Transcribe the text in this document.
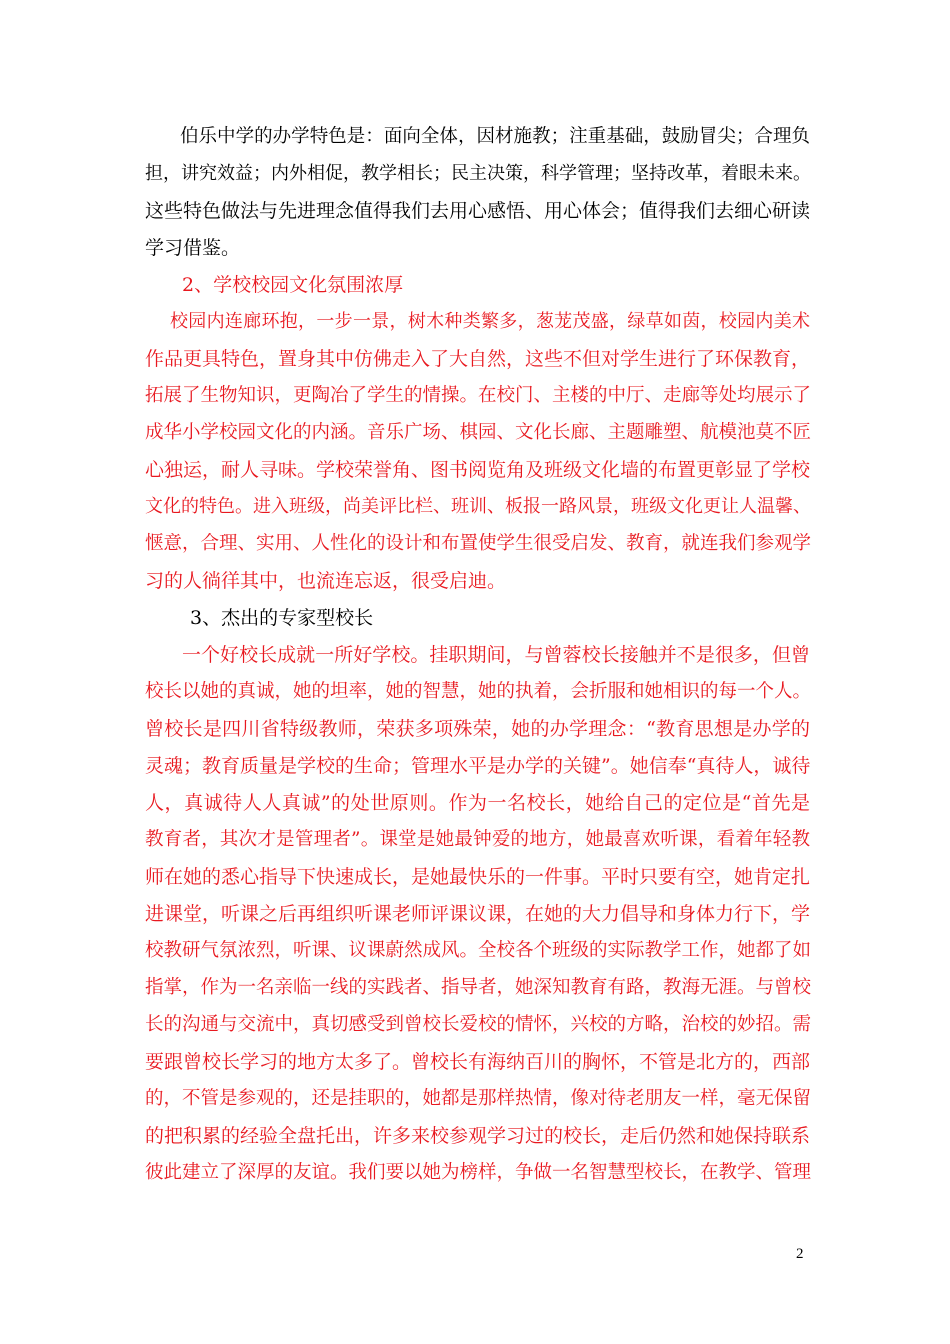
伯乐中学的办学特色是：面向全体，因材施教；注重基础，鼓励冒尖；合理负
担，讲究效益；内外相促，教学相长；民主决策，科学管理；坚持改革，着眼未来。
这些特色做法与先进理念值得我们去用心感悟、用心体会；值得我们去细心研读
学习借鉴。
2、学校校园文化氛围浓厚
校园内连廊环抱，一步一景，树木种类繁多，葱茏茂盛，绿草如茵，校园内美术
作品更具特色，置身其中仿佛走入了大自然，这些不但对学生进行了环保教育，
拓展了生物知识，更陶冶了学生的情操。在校门、主楼的中厅、走廊等处均展示了
成华小学校园文化的内涵。音乐广场、棋园、文化长廊、主题雕塑、航模池莫不匠
心独运，耐人寻味。学校荣誉角、图书阅览角及班级文化墙的布置更彰显了学校
文化的特色。进入班级，尚美评比栏、班训、板报一路风景，班级文化更让人温馨、
惬意，合理、实用、人性化的设计和布置使学生很受启发、教育，就连我们参观学
习的人徜徉其中，也流连忘返，很受启迪。
3、杰出的专家型校长
一个好校长成就一所好学校。挂职期间，与曾蓉校长接触并不是很多，但曾
校长以她的真诚，她的坦率，她的智慧，她的执着，会折服和她相识的每一个人。
曾校长是四川省特级教师，荣获多项殊荣，她的办学理念：“教育思想是办学的
灵魂；教育质量是学校的生命；管理水平是办学的关键”。她信奉“真待人，诚待
人，真诚待人人真诚”的处世原则。作为一名校长，她给自己的定位是“首先是
教育者，其次才是管理者”。课堂是她最钟爱的地方，她最喜欢听课，看着年轻教
师在她的悉心指导下快速成长，是她最快乐的一件事。平时只要有空，她肯定扎
进课堂，听课之后再组织听课老师评课议课，在她的大力倡导和身体力行下，学
校教研气氛浓烈，听课、议课蔚然成风。全校各个班级的实际教学工作，她都了如
指掌，作为一名亲临一线的实践者、指导者，她深知教育有路，教海无涯。与曾校
长的沟通与交流中，真切感受到曾校长爱校的情怀，兴校的方略，治校的妙招。需
要跟曾校长学习的地方太多了。曾校长有海纳百川的胸怀，不管是北方的，西部
的，不管是参观的，还是挂职的，她都是那样热情，像对待老朋友一样，毫无保留
的把积累的经验全盘托出，许多来校参观学习过的校长，走后仍然和她保持联系
彼此建立了深厚的友谊。我们要以她为榜样，争做一名智慧型校长，在教学、管理
2
